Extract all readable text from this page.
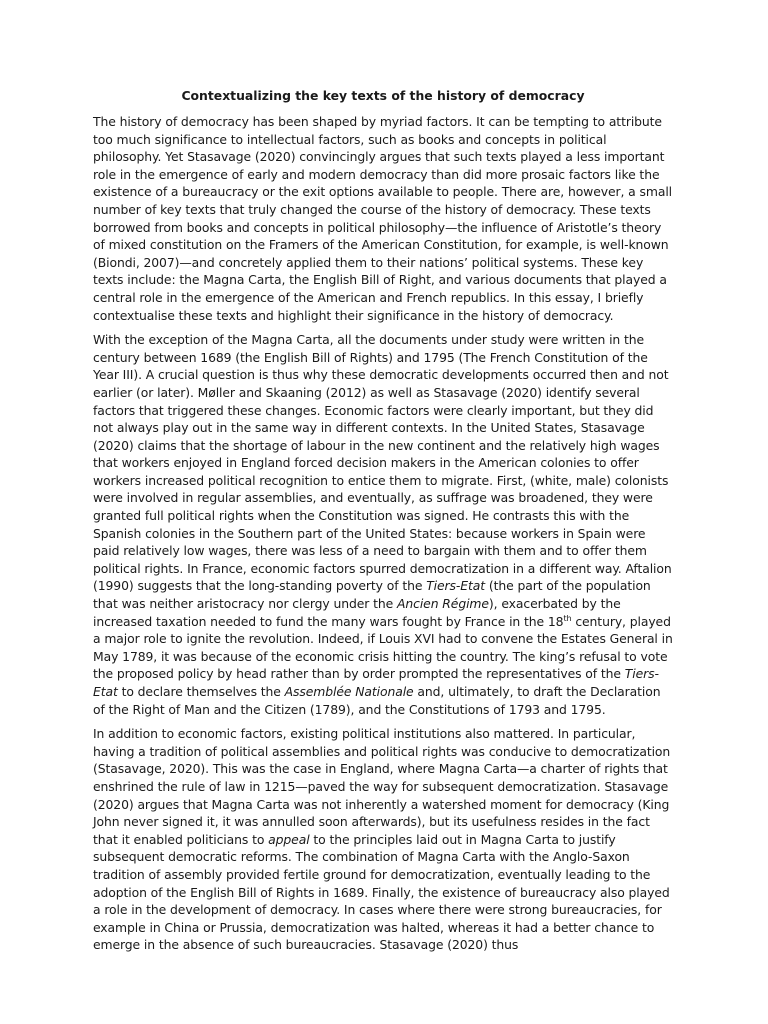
Contextualizing the key texts of the history of democracy

The history of democracy has been shaped by myriad factors. It can be tempting to attribute too much significance to intellectual factors, such as books and concepts in political philosophy. Yet Stasavage (2020) convincingly argues that such texts played a less important role in the emergence of early and modern democracy than did more prosaic factors like the existence of a bureaucracy or the exit options available to people. There are, however, a small number of key texts that truly changed the course of the history of democracy. These texts borrowed from books and concepts in political philosophy—the influence of Aristotle’s theory of mixed constitution on the Framers of the American Constitution, for example, is well-known (Biondi, 2007)—and concretely applied them to their nations’ political systems. These key texts include: the Magna Carta, the English Bill of Right, and various documents that played a central role in the emergence of the American and French republics. In this essay, I briefly contextualise these texts and highlight their significance in the history of democracy.

With the exception of the Magna Carta, all the documents under study were written in the century between 1689 (the English Bill of Rights) and 1795 (The French Constitution of the Year III). A crucial question is thus why these democratic developments occurred then and not earlier (or later). Møller and Skaaning (2012) as well as Stasavage (2020) identify several factors that triggered these changes. Economic factors were clearly important, but they did not always play out in the same way in different contexts. In the United States, Stasavage (2020) claims that the shortage of labour in the new continent and the relatively high wages that workers enjoyed in England forced decision makers in the American colonies to offer workers increased political recognition to entice them to migrate. First, (white, male) colonists were involved in regular assemblies, and eventually, as suffrage was broadened, they were granted full political rights when the Constitution was signed. He contrasts this with the Spanish colonies in the Southern part of the United States: because workers in Spain were paid relatively low wages, there was less of a need to bargain with them and to offer them political rights. In France, economic factors spurred democratization in a different way. Aftalion (1990) suggests that the long-standing poverty of the Tiers-Etat (the part of the population that was neither aristocracy nor clergy under the Ancien Régime), exacerbated by the increased taxation needed to fund the many wars fought by France in the 18th century, played a major role to ignite the revolution. Indeed, if Louis XVI had to convene the Estates General in May 1789, it was because of the economic crisis hitting the country. The king’s refusal to vote the proposed policy by head rather than by order prompted the representatives of the Tiers-Etat to declare themselves the Assemblée Nationale and, ultimately, to draft the Declaration of the Right of Man and the Citizen (1789), and the Constitutions of 1793 and 1795.

In addition to economic factors, existing political institutions also mattered. In particular, having a tradition of political assemblies and political rights was conducive to democratization (Stasavage, 2020). This was the case in England, where Magna Carta—a charter of rights that enshrined the rule of law in 1215—paved the way for subsequent democratization. Stasavage (2020) argues that Magna Carta was not inherently a watershed moment for democracy (King John never signed it, it was annulled soon afterwards), but its usefulness resides in the fact that it enabled politicians to appeal to the principles laid out in Magna Carta to justify subsequent democratic reforms. The combination of Magna Carta with the Anglo-Saxon tradition of assembly provided fertile ground for democratization, eventually leading to the adoption of the English Bill of Rights in 1689. Finally, the existence of bureaucracy also played a role in the development of democracy. In cases where there were strong bureaucracies, for example in China or Prussia, democratization was halted, whereas it had a better chance to emerge in the absence of such bureaucracies. Stasavage (2020) thus
